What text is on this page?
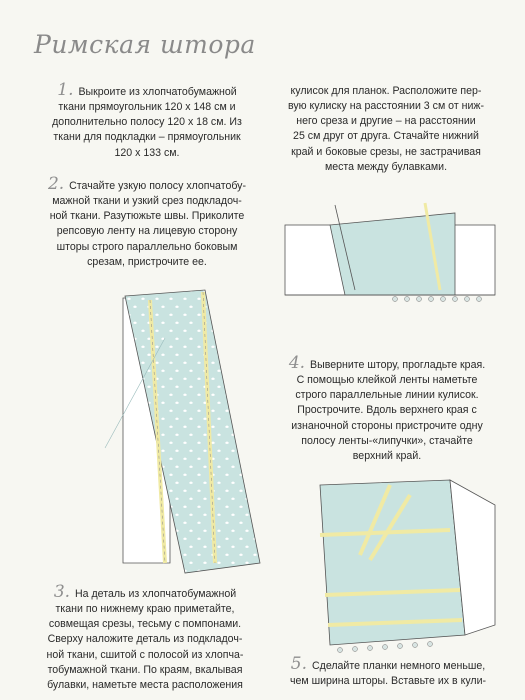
Римская штора
1. Выкроите из хлопчатобумажной
ткани прямоугольник 120 x 148 см и
дополнительно полосу 120 x 18 см. Из
ткани для подкладки – прямоугольник
120 x 133 см.
2. Стачайте узкую полосу хлопчатобу-
мажной ткани и узкий срез подкладоч-
ной ткани. Разутюжьте швы. Приколите
репсовую ленту на лицевую сторону
шторы строго параллельно боковым
срезам, пристрочите ее.
3. На деталь из хлопчатобумажной
ткани по нижнему краю приметайте,
совмещая срезы, тесьму с помпонами.
Сверху наложите деталь из подкладоч-
ной ткани, сшитой с полосой из хлопча-
тобумажной ткани. По краям, вкалывая
булавки, наметьте места расположения
кулисок для планок. Расположите пер-
вую кулиску на расстоянии 3 см от ниж-
него среза и другие – на расстоянии
25 см друг от друга. Стачайте нижний
край и боковые срезы, не застрачивая
места между булавками.
4. Выверните штору, прогладьте края.
С помощью клейкой ленты наметьте
строго параллельные линии кулисок.
Прострочите. Вдоль верхнего края с
изнаночной стороны пристрочите одну
полосу ленты-«липучки», стачайте
верхний край.
5. Сделайте планки немного меньше,
чем ширина шторы. Вставьте их в кули-
